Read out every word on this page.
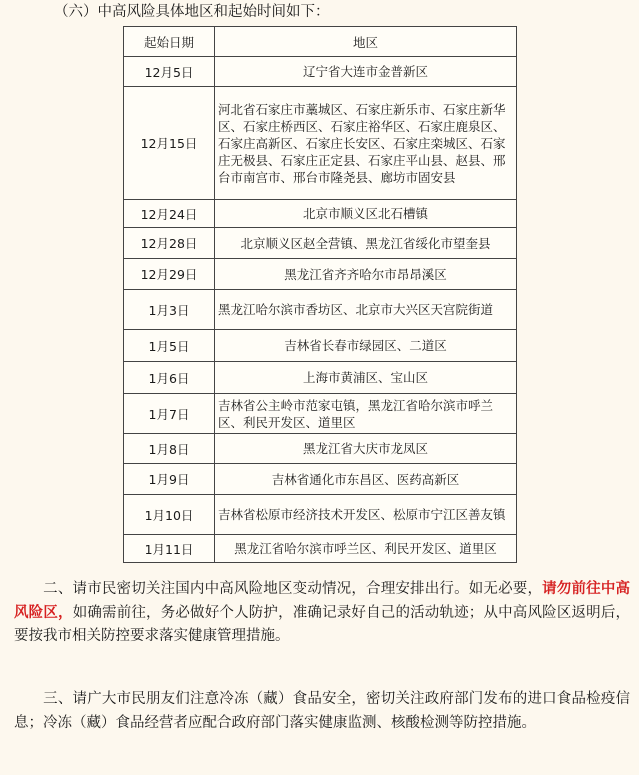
（六）中高风险具体地区和起始时间如下：
起始日期	地区
12月5日	辽宁省大连市金普新区
12月15日	河北省石家庄市藁城区、石家庄新乐市、石家庄新华区、石家庄桥西区、石家庄裕华区、石家庄鹿泉区、石家庄高新区、石家庄长安区、石家庄栾城区、石家庄无极县、石家庄正定县、石家庄平山县、赵县、邢台市南宫市、邢台市隆尧县、廊坊市固安县
12月24日	北京市顺义区北石槽镇
12月28日	北京顺义区赵全营镇、黑龙江省绥化市望奎县
12月29日	黑龙江省齐齐哈尔市昂昂溪区
1月3日	黑龙江哈尔滨市香坊区、北京市大兴区天宫院街道
1月5日	吉林省长春市绿园区、二道区
1月6日	上海市黄浦区、宝山区
1月7日	吉林省公主岭市范家屯镇，黑龙江省哈尔滨市呼兰区、利民开发区、道里区
1月8日	黑龙江省大庆市龙凤区
1月9日	吉林省通化市东昌区、医药高新区
1月10日	吉林省松原市经济技术开发区、松原市宁江区善友镇
1月11日	黑龙江省哈尔滨市呼兰区、利民开发区、道里区
二、请市民密切关注国内中高风险地区变动情况，合理安排出行。如无必要，请勿前往中高风险区，如确需前往，务必做好个人防护，准确记录好自己的活动轨迹；从中高风险区返明后，要按我市相关防控要求落实健康管理措施。
三、请广大市民朋友们注意冷冻（藏）食品安全，密切关注政府部门发布的进口食品检疫信息；冷冻（藏）食品经营者应配合政府部门落实健康监测、核酸检测等防控措施。
